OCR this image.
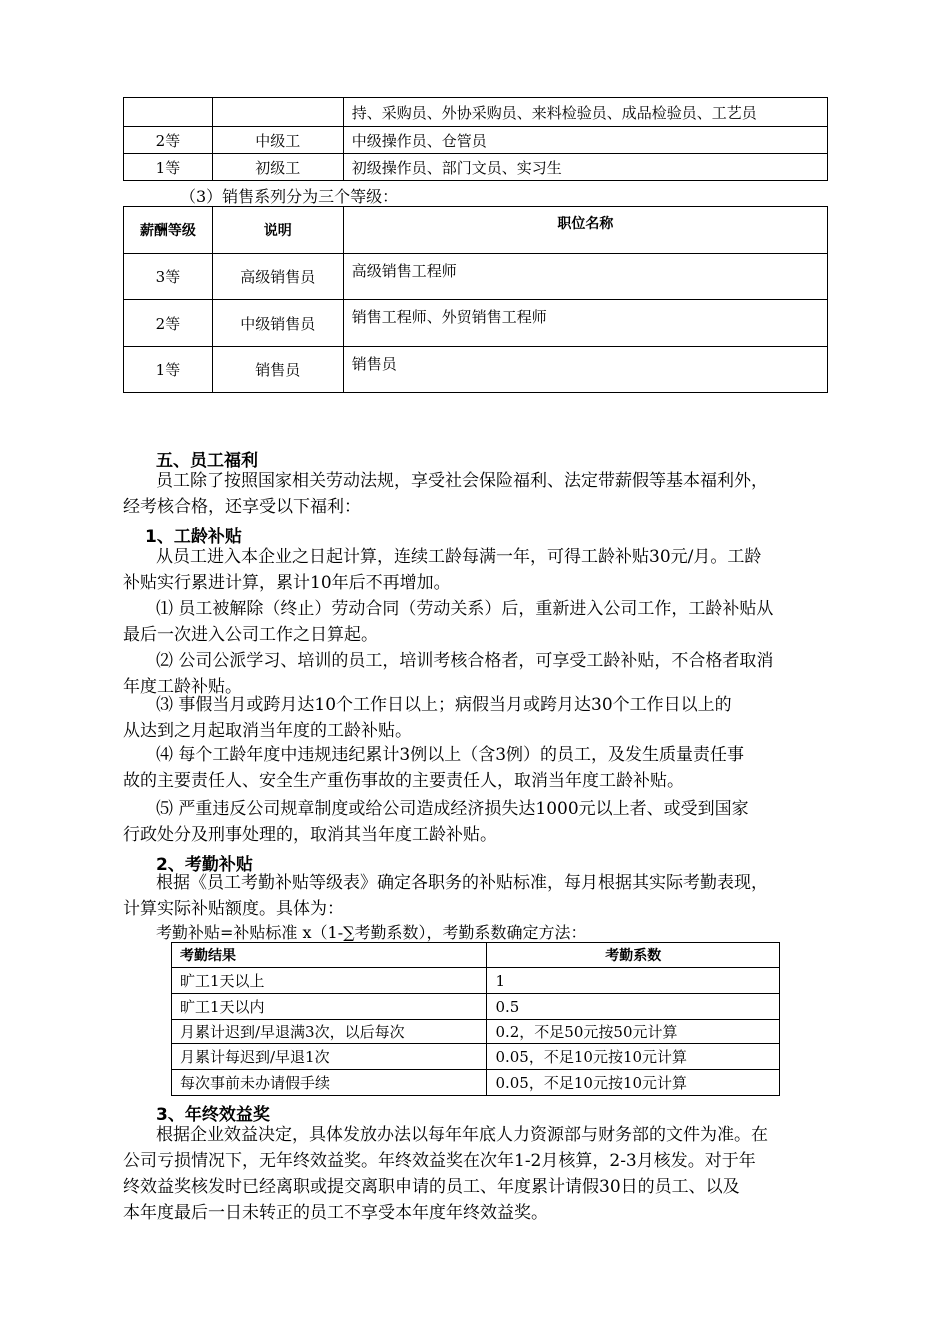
		持、采购员、外协采购员、来料检验员、成品检验员、工艺员
2等	中级工	中级操作员、仓管员
1等	初级工	初级操作员、部门文员、实习生

（3）销售系列分为三个等级：

薪酬等级	说明	职位名称
3等	高级销售员	高级销售工程师
2等	中级销售员	销售工程师、外贸销售工程师
1等	销售员	销售员

五、员工福利

员工除了按照国家相关劳动法规，享受社会保险福利、法定带薪假等基本福利外，

经考核合格，还享受以下福利：

1、工龄补贴

从员工进入本企业之日起计算，连续工龄每满一年，可得工龄补贴30元/月。工龄

补贴实行累进计算，累计10年后不再增加。

⑴ 员工被解除（终止）劳动合同（劳动关系）后，重新进入公司工作，工龄补贴从

最后一次进入公司工作之日算起。

⑵ 公司公派学习、培训的员工，培训考核合格者，可享受工龄补贴，不合格者取消

年度工龄补贴。

⑶ 事假当月或跨月达10个工作日以上；病假当月或跨月达30个工作日以上的

从达到之月起取消当年度的工龄补贴。

⑷ 每个工龄年度中违规违纪累计3例以上（含3例）的员工，及发生质量责任事

故的主要责任人、安全生产重伤事故的主要责任人，取消当年度工龄补贴。

⑸ 严重违反公司规章制度或给公司造成经济损失达1000元以上者、或受到国家

行政处分及刑事处理的，取消其当年度工龄补贴。

2、考勤补贴

根据《员工考勤补贴等级表》确定各职务的补贴标准，每月根据其实际考勤表现，

计算实际补贴额度。具体为：

考勤补贴=补贴标准 x（1-∑考勤系数），考勤系数确定方法：

考勤结果	考勤系数
旷工1天以上	1
旷工1天以内	0.5
月累计迟到/早退满3次，以后每次	0.2，不足50元按50元计算
月累计每迟到/早退1次	0.05，不足10元按10元计算
每次事前未办请假手续	0.05，不足10元按10元计算

3、年终效益奖

根据企业效益决定，具体发放办法以每年年底人力资源部与财务部的文件为准。在

公司亏损情况下，无年终效益奖。年终效益奖在次年1-2月核算，2-3月核发。对于年

终效益奖核发时已经离职或提交离职申请的员工、年度累计请假30日的员工、以及

本年度最后一日未转正的员工不享受本年度年终效益奖。
